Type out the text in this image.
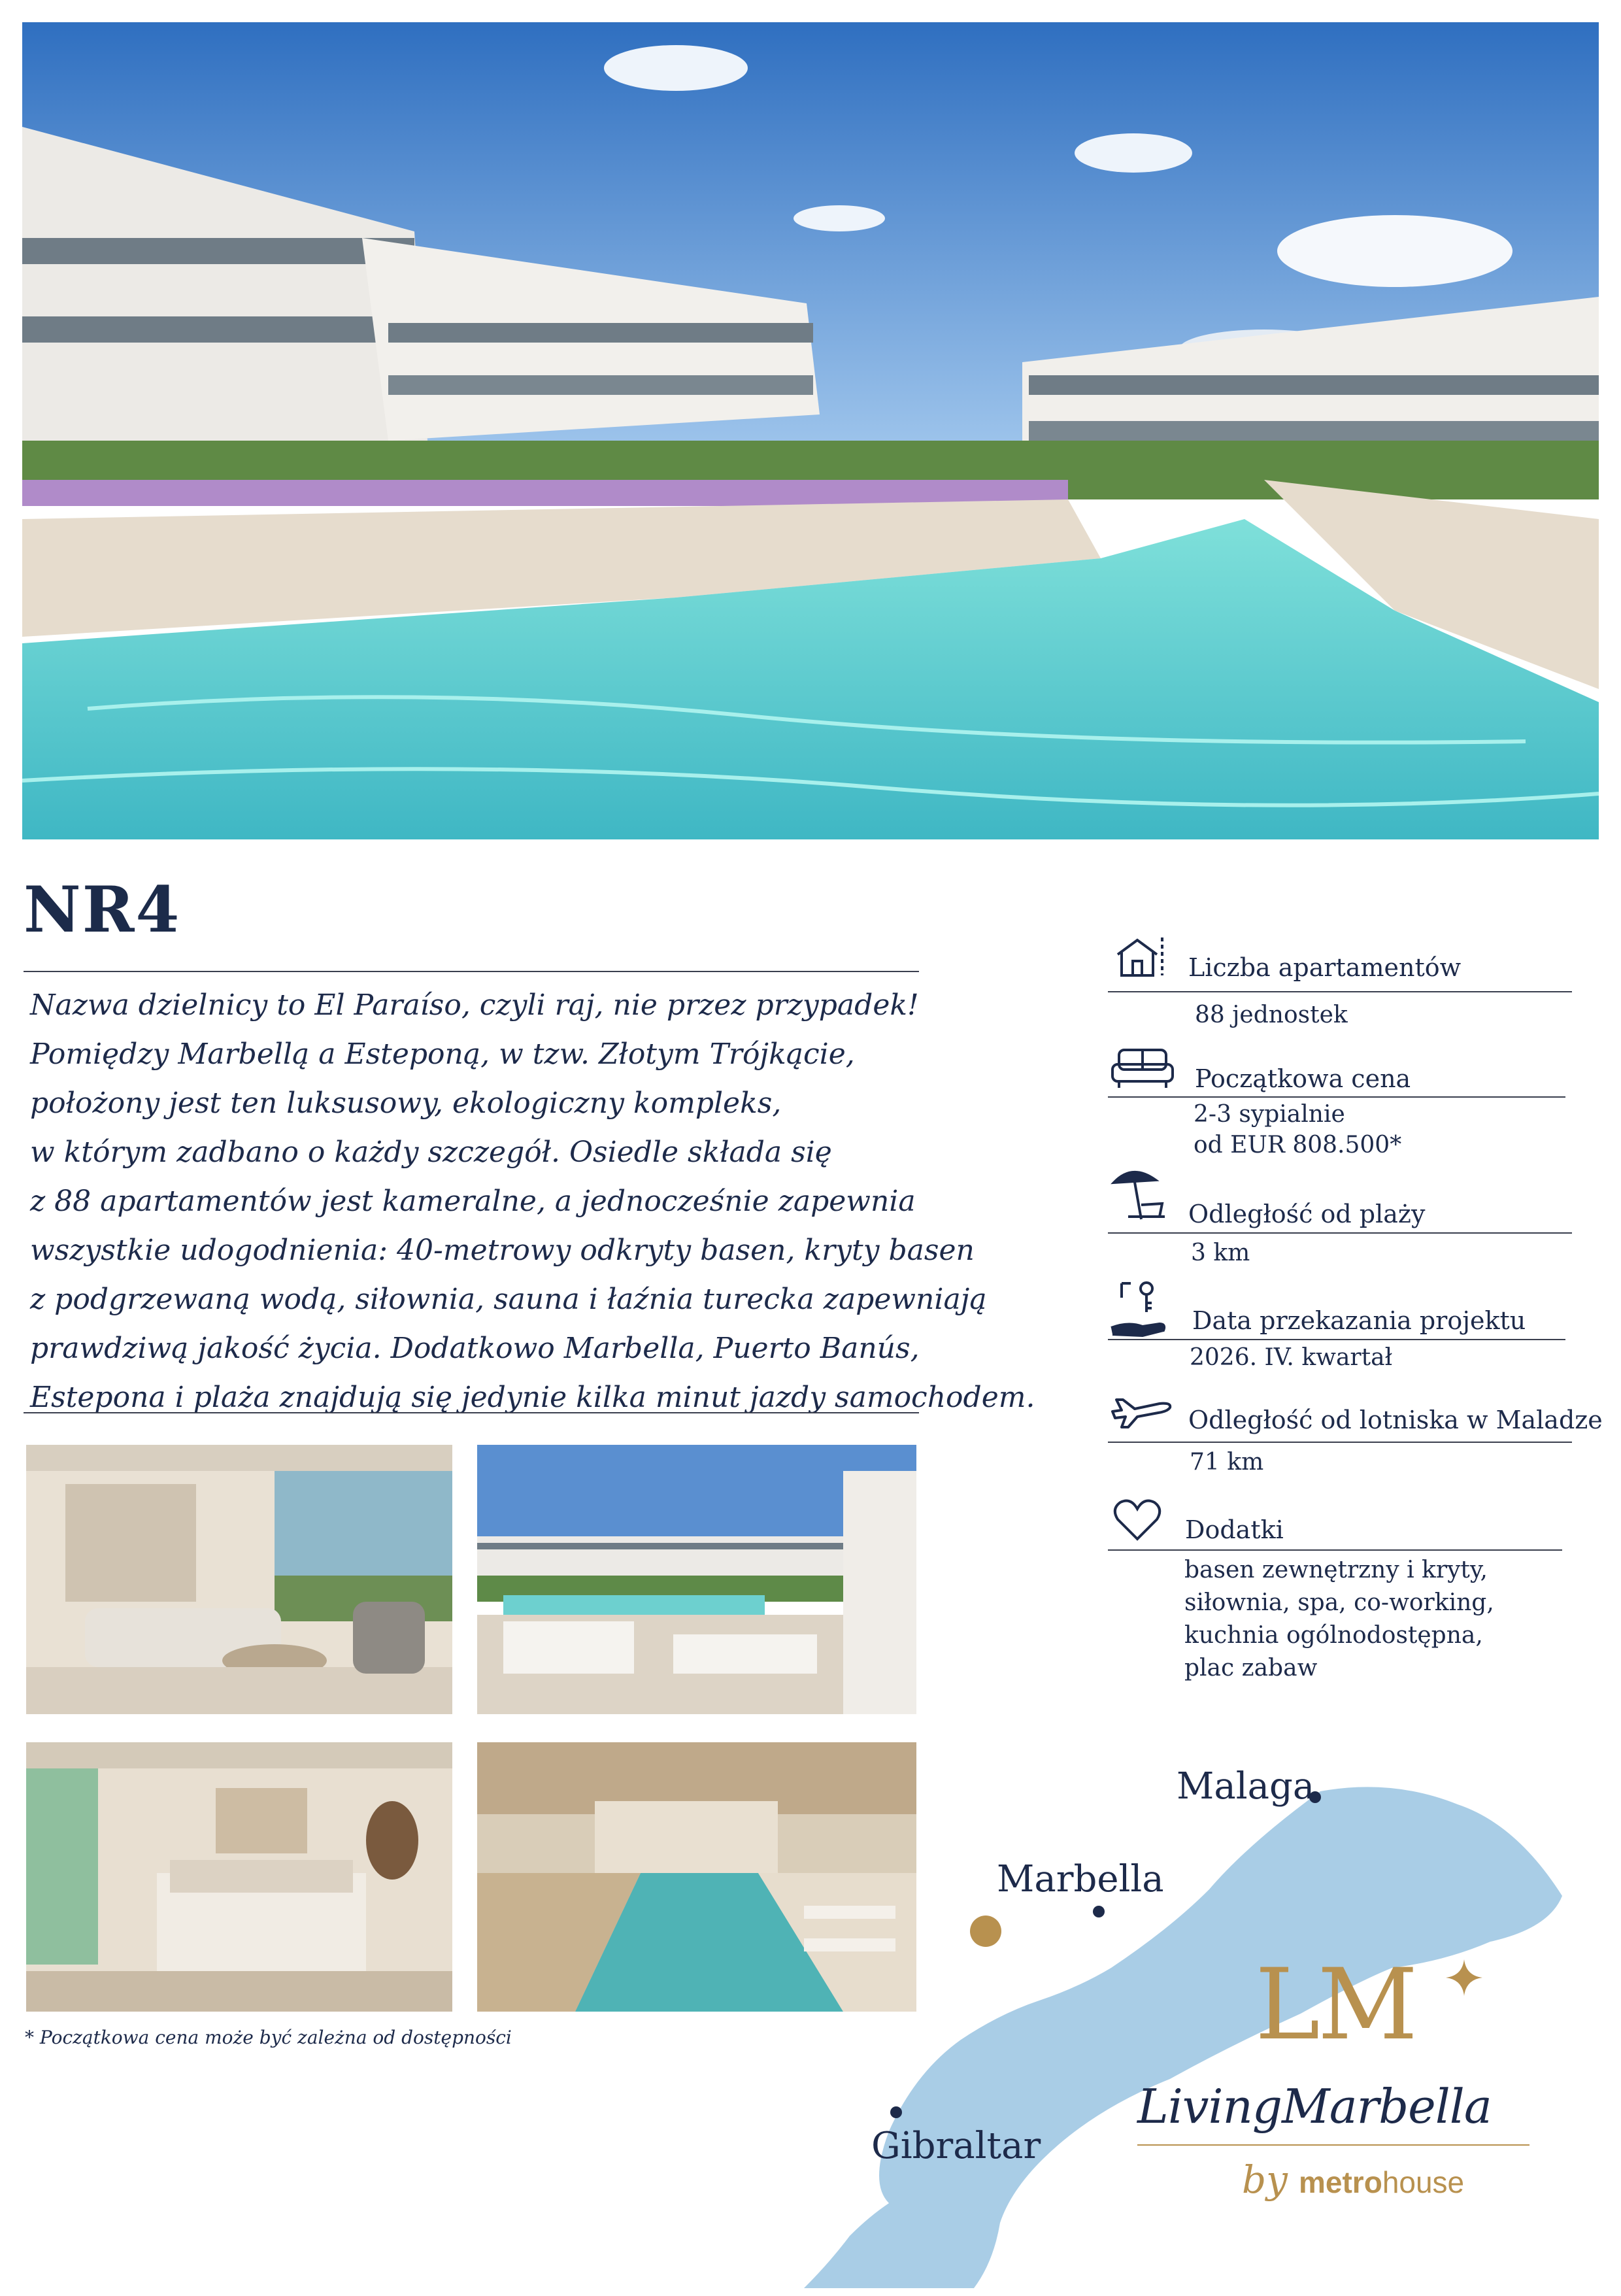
NR4
Nazwa dzielnicy to El Paraíso, czyli raj, nie przez przypadek!
Pomiędzy Marbellą a Esteponą, w tzw. Złotym Trójkącie,
położony jest ten luksusowy, ekologiczny kompleks,
w którym zadbano o każdy szczegół. Osiedle składa się
z 88 apartamentów jest kameralne, a jednocześnie zapewnia
wszystkie udogodnienia: 40-metrowy odkryty basen, kryty basen
z podgrzewaną wodą, siłownia, sauna i łaźnia turecka zapewniają
prawdziwą jakość życia. Dodatkowo Marbella, Puerto Banús,
Estepona i plaża znajdują się jedynie kilka minut jazdy samochodem.
* Początkowa cena może być zależna od dostępności
Liczba apartamentów
88 jednostek
Początkowa cena
2-3 sypialnie
od EUR 808.500*
Odległość od plaży
3 km
Data przekazania projektu
2026. IV. kwartał
Odległość od lotniska w Maladze
71 km
Dodatki
basen zewnętrzny i kryty,
siłownia, spa, co-working,
kuchnia ogólnodostępna,
plac zabaw
Malaga
Marbella
Gibraltar
LM
LivingMarbella
by metrohouse
